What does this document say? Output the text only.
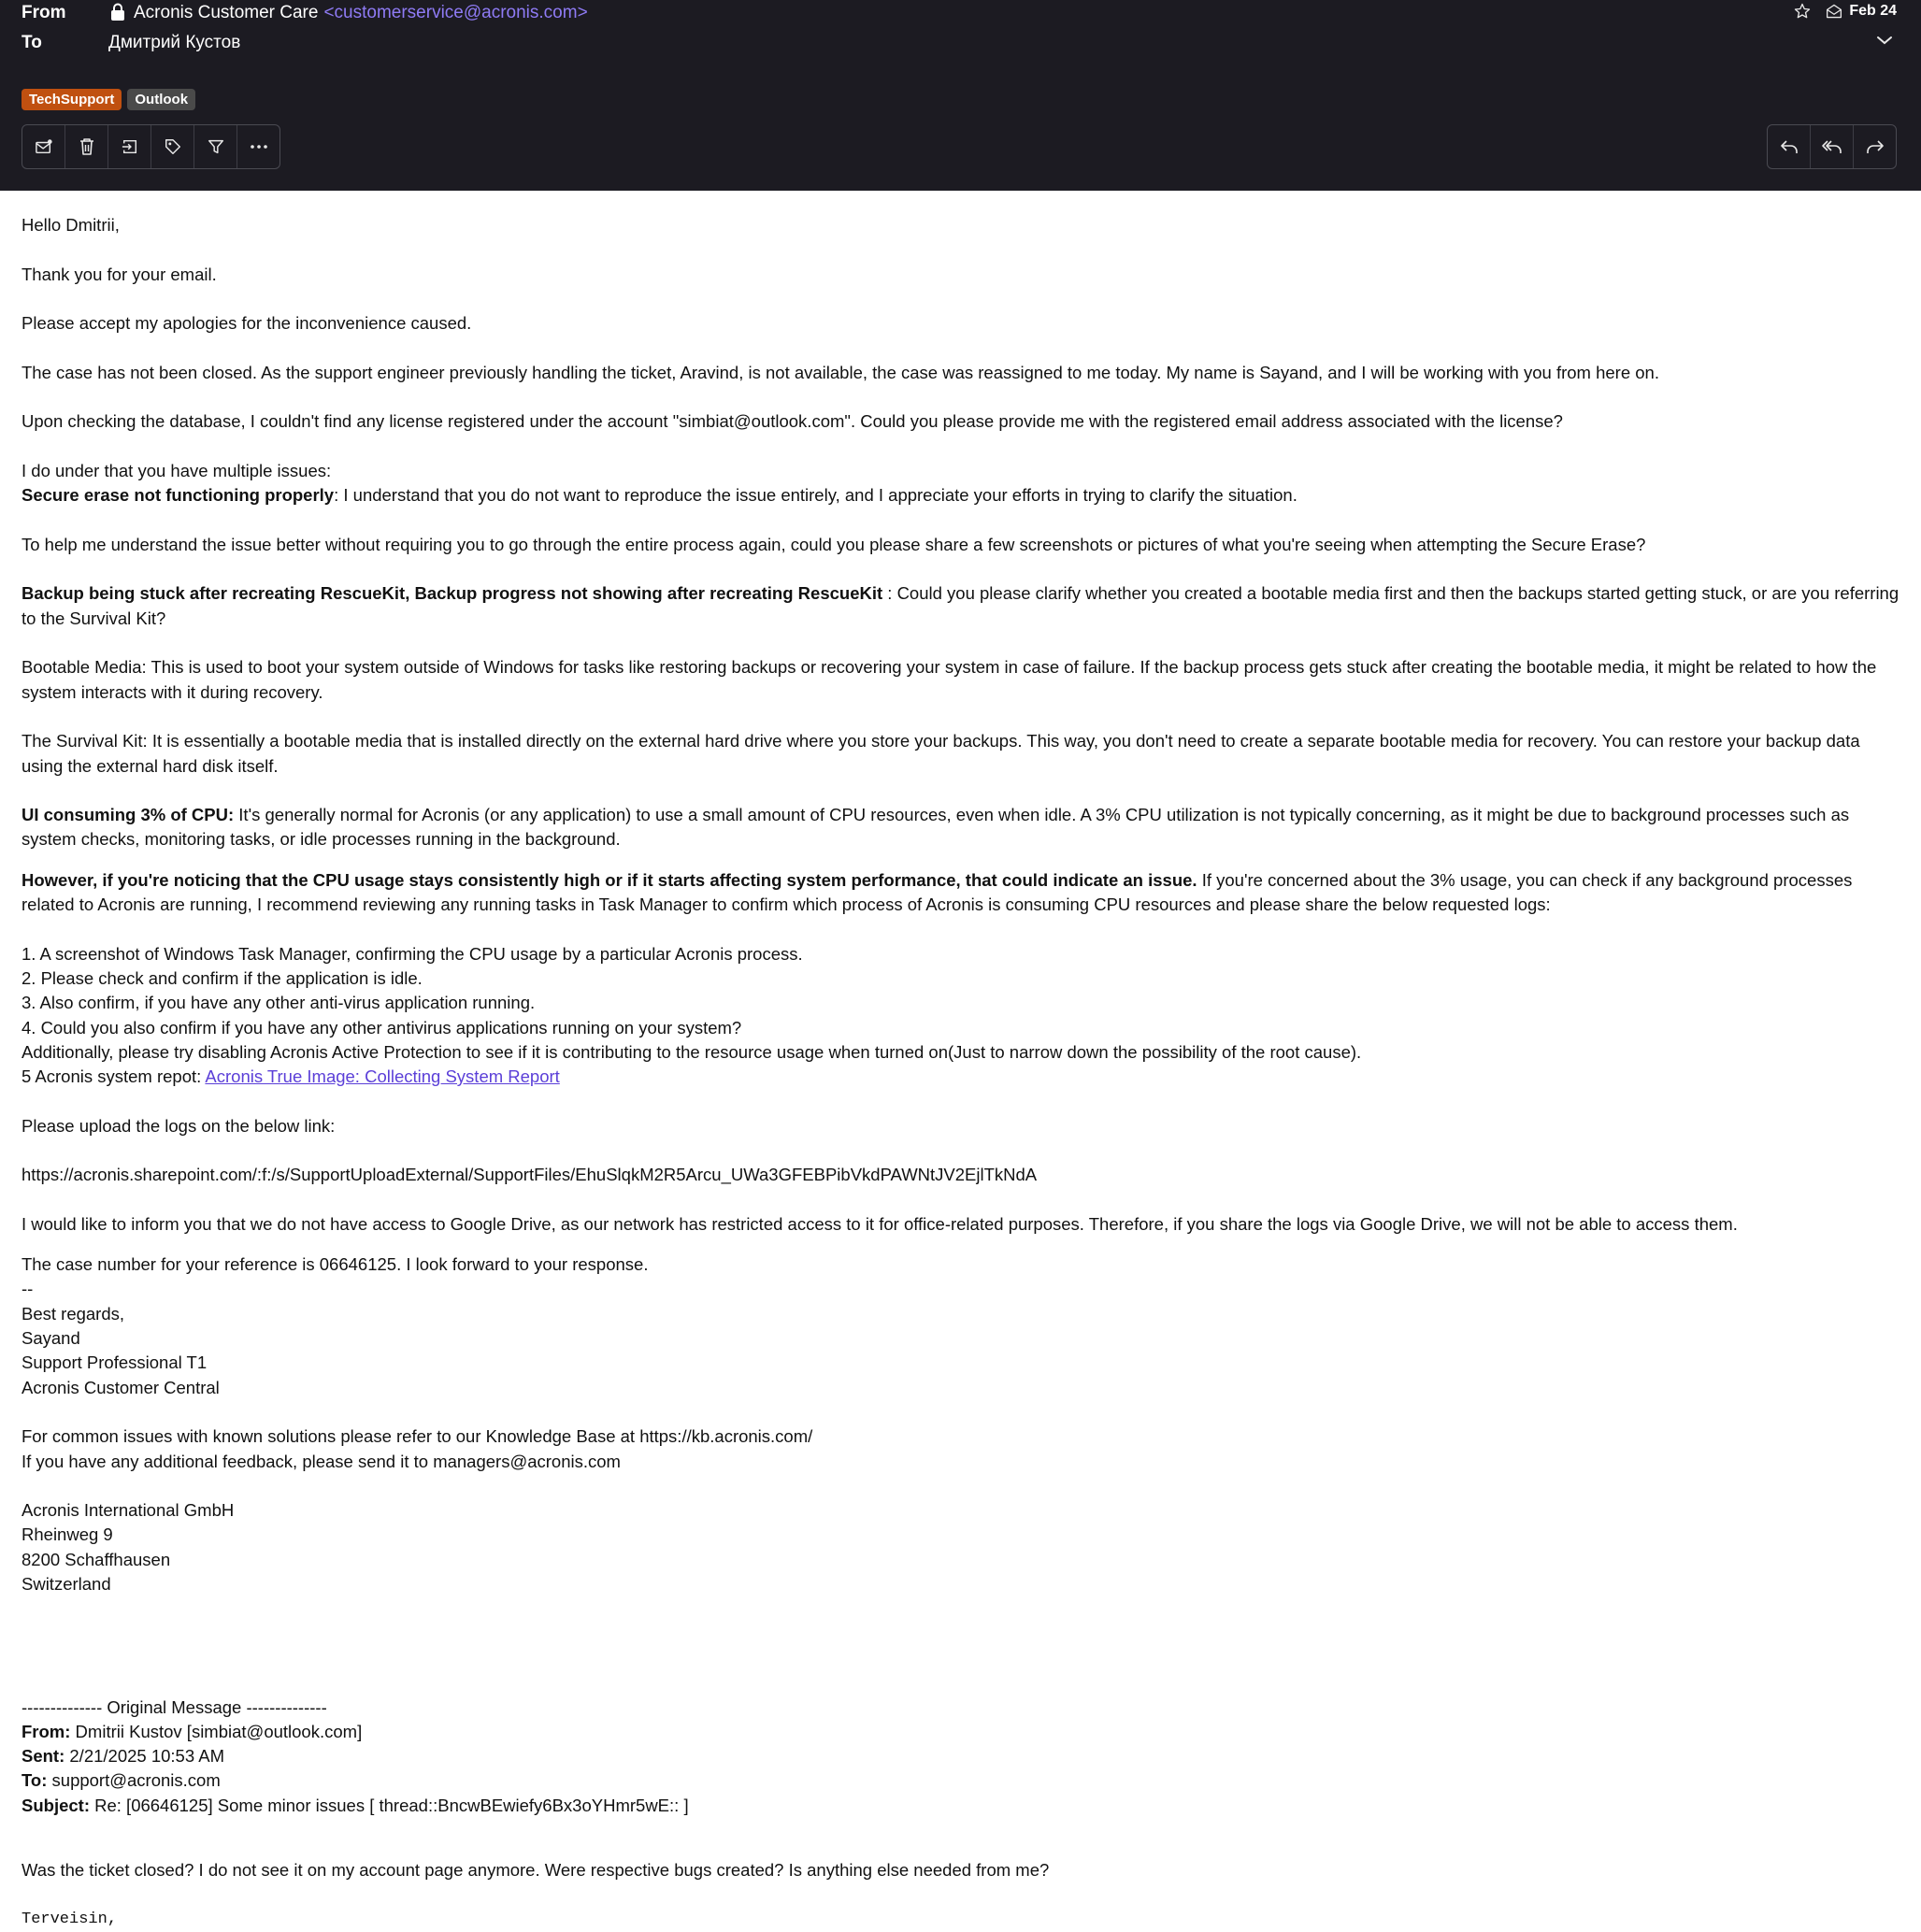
From	Acronis Customer Care <customerservice@acronis.com>
To	Дмитрий Кустов
Feb 24
TechSupport	Outlook

Hello Dmitrii,

Thank you for your email.

Please accept my apologies for the inconvenience caused.

The case has not been closed. As the support engineer previously handling the ticket, Aravind, is not available, the case was reassigned to me today. My name is Sayand, and I will be working with you from here on.

Upon checking the database, I couldn't find any license registered under the account "simbiat@outlook.com". Could you please provide me with the registered email address associated with the license?

I do under that you have multiple issues:

Secure erase not functioning properly: I understand that you do not want to reproduce the issue entirely, and I appreciate your efforts in trying to clarify the situation.

To help me understand the issue better without requiring you to go through the entire process again, could you please share a few screenshots or pictures of what you're seeing when attempting the Secure Erase?

Backup being stuck after recreating RescueKit, Backup progress not showing after recreating RescueKit : Could you please clarify whether you created a bootable media first and then the backups started getting stuck, or are you referring to the Survival Kit?

Bootable Media: This is used to boot your system outside of Windows for tasks like restoring backups or recovering your system in case of failure. If the backup process gets stuck after creating the bootable media, it might be related to how the system interacts with it during recovery.

The Survival Kit: It is essentially a bootable media that is installed directly on the external hard drive where you store your backups. This way, you don't need to create a separate bootable media for recovery. You can restore your backup data using the external hard disk itself.

UI consuming 3% of CPU: It's generally normal for Acronis (or any application) to use a small amount of CPU resources, even when idle. A 3% CPU utilization is not typically concerning, as it might be due to background processes such as system checks, monitoring tasks, or idle processes running in the background.

However, if you're noticing that the CPU usage stays consistently high or if it starts affecting system performance, that could indicate an issue. If you're concerned about the 3% usage, you can check if any background processes related to Acronis are running, I recommend reviewing any running tasks in Task Manager to confirm which process of Acronis is consuming CPU resources and please share the below requested logs:

1. A screenshot of Windows Task Manager, confirming the CPU usage by a particular Acronis process.

2. Please check and confirm if the application is idle.

3. Also confirm, if you have any other anti-virus application running.

4. Could you also confirm if you have any other antivirus applications running on your system?

Additionally, please try disabling Acronis Active Protection to see if it is contributing to the resource usage when turned on(Just to narrow down the possibility of the root cause).

5 Acronis system repot: Acronis True Image: Collecting System Report

Please upload the logs on the below link:

https://acronis.sharepoint.com/:f:/s/SupportUploadExternal/SupportFiles/EhuSlqkM2R5Arcu_UWa3GFEBPibVkdPAWNtJV2EjlTkNdA

I would like to inform you that we do not have access to Google Drive, as our network has restricted access to it for office-related purposes. Therefore, if you share the logs via Google Drive, we will not be able to access them.

The case number for your reference is 06646125. I look forward to your response.

--

Best regards,

Sayand

Support Professional T1

Acronis Customer Central

For common issues with known solutions please refer to our Knowledge Base at https://kb.acronis.com/

If you have any additional feedback, please send it to managers@acronis.com

Acronis International GmbH

Rheinweg 9

8200 Schaffhausen

Switzerland

-------------- Original Message --------------

From: Dmitrii Kustov [simbiat@outlook.com]

Sent: 2/21/2025 10:53 AM

To: support@acronis.com

Subject: Re: [06646125] Some minor issues [ thread::BncwBEwiefy6Bx3oYHmr5wE:: ]

Was the ticket closed? I do not see it on my account page anymore. Were respective bugs created? Is anything else needed from me?

Terveisin,
